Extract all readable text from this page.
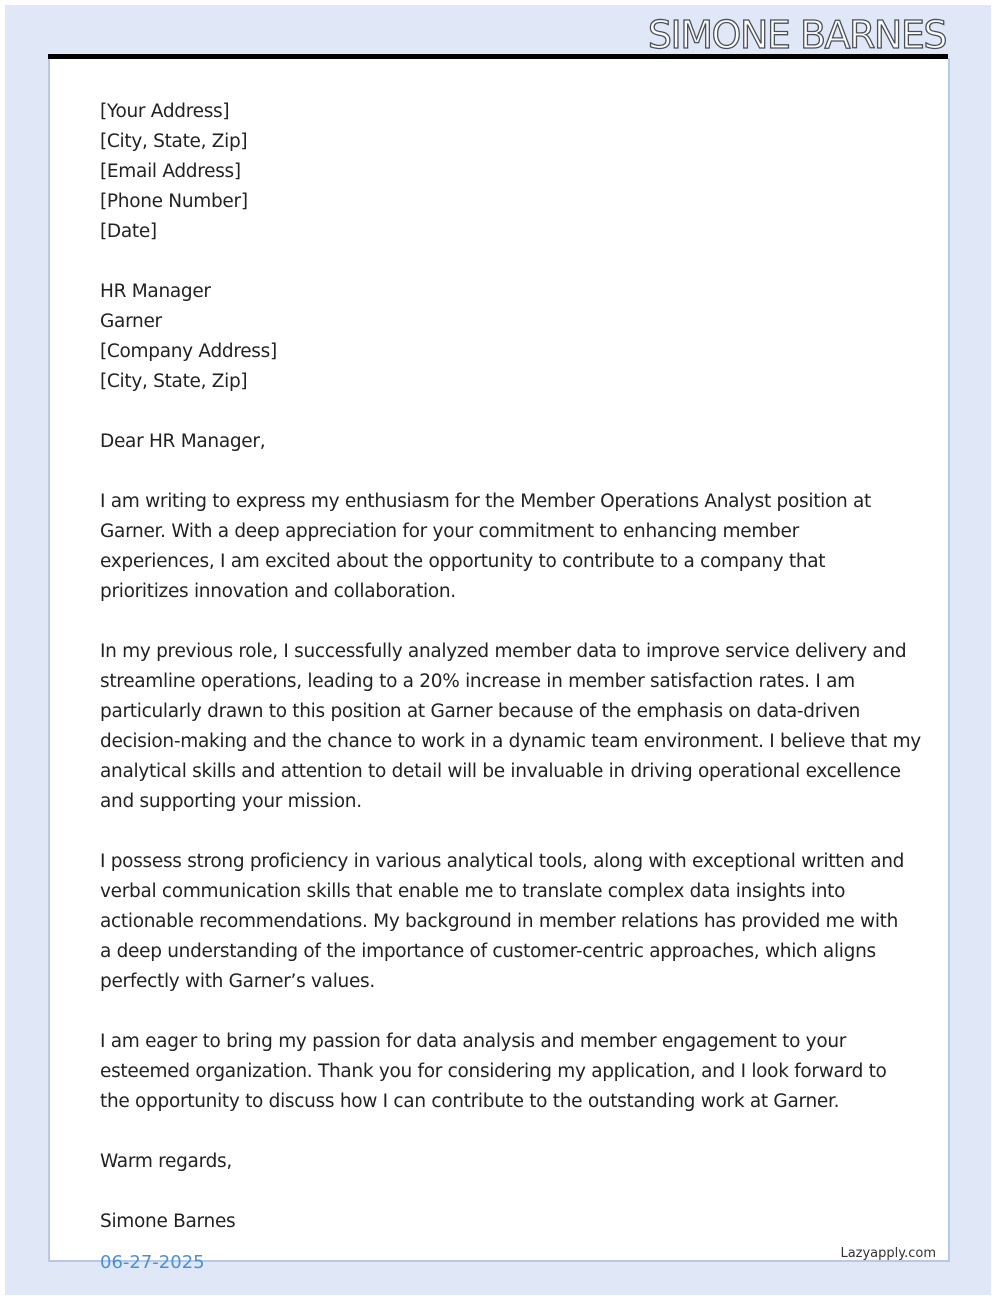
SIMONE BARNES
[Your Address]
[City, State, Zip]
[Email Address]
[Phone Number]
[Date]
HR Manager
Garner
[Company Address]
[City, State, Zip]
Dear HR Manager,
I am writing to express my enthusiasm for the Member Operations Analyst position at
Garner. With a deep appreciation for your commitment to enhancing member
experiences, I am excited about the opportunity to contribute to a company that
prioritizes innovation and collaboration.
In my previous role, I successfully analyzed member data to improve service delivery and
streamline operations, leading to a 20% increase in member satisfaction rates. I am
particularly drawn to this position at Garner because of the emphasis on data-driven
decision-making and the chance to work in a dynamic team environment. I believe that my
analytical skills and attention to detail will be invaluable in driving operational excellence
and supporting your mission.
I possess strong proficiency in various analytical tools, along with exceptional written and
verbal communication skills that enable me to translate complex data insights into
actionable recommendations. My background in member relations has provided me with
a deep understanding of the importance of customer-centric approaches, which aligns
perfectly with Garner’s values.
I am eager to bring my passion for data analysis and member engagement to your
esteemed organization. Thank you for considering my application, and I look forward to
the opportunity to discuss how I can contribute to the outstanding work at Garner.
Warm regards,
Simone Barnes
06-27-2025	Lazyapply.com
